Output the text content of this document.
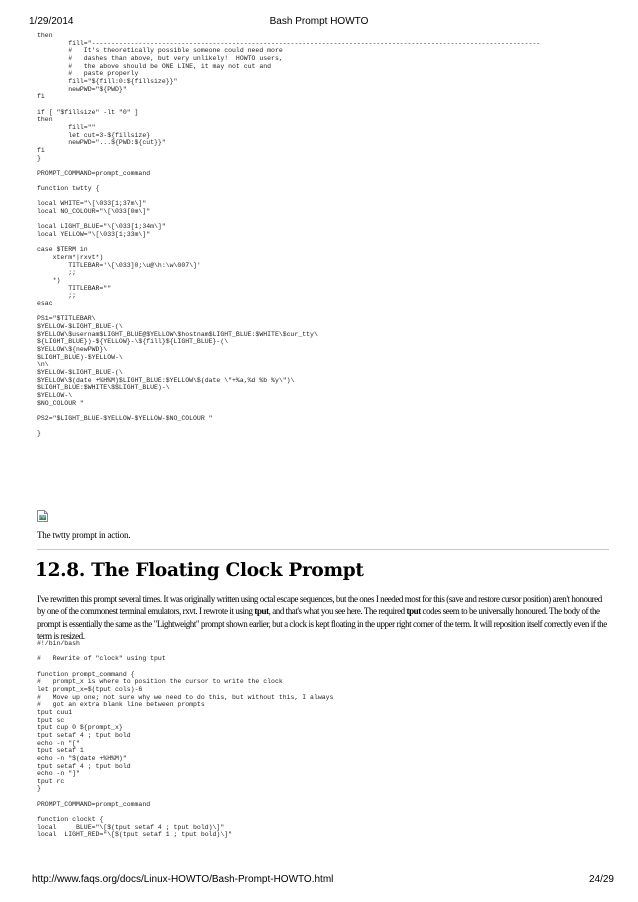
1/29/2014	Bash Prompt HOWTO
then
fill="-------------------------------------------------------------------------------------------------------------------
#   It's theoretically possible someone could need more
#   dashes than above, but very unlikely!  HOWTO users,
#   the above should be ONE LINE, it may not cut and
#   paste properly
fill="${fill:0:${fillsize}}"
newPWD="${PWD}"
fi

if [ "$fillsize" -lt "0" ]
then
fill=""
let cut=3-${fillsize}
newPWD="...${PWD:${cut}}"
fi
}

PROMPT_COMMAND=prompt_command

function twtty {

local WHITE="\[\033[1;37m\]"
local NO_COLOUR="\[\033[0m\]"

local LIGHT_BLUE="\[\033[1;34m\]"
local YELLOW="\[\033[1;33m\]"

case $TERM in
xterm*|rxvt*)
TITLEBAR='\[\033]0;\u@\h:\w\007\]'
;;
*)
TITLEBAR=""
;;
esac

PS1="$TITLEBAR\
$YELLOW-$LIGHT_BLUE-(\
$YELLOW\$usernam$LIGHT_BLUE@$YELLOW\$hostnam$LIGHT_BLUE:$WHITE\$cur_tty\
${LIGHT_BLUE})-${YELLOW}-\${fill}${LIGHT_BLUE}-(\
$YELLOW\${newPWD}\
$LIGHT_BLUE)-$YELLOW-\
\n\
$YELLOW-$LIGHT_BLUE-(\
$YELLOW\$(date +%H%M)$LIGHT_BLUE:$YELLOW\$(date \"+%a,%d %b %y\")\
$LIGHT_BLUE:$WHITE\$$LIGHT_BLUE)-\
$YELLOW-\
$NO_COLOUR "

PS2="$LIGHT_BLUE-$YELLOW-$YELLOW-$NO_COLOUR "

}
The twtty prompt in action.
12.8. The Floating Clock Prompt

I've rewritten this prompt several times. It was originally written using octal escape sequences, but the ones I needed most for this (save and restore cursor position) aren't honoured by one of the commonest terminal emulators, rxvt. I rewrote it using tput, and that's what you see here. The required tput codes seem to be universally honoured. The body of the prompt is essentially the same as the "Lightweight" prompt shown earlier, but a clock is kept floating in the upper right corner of the term. It will reposition itself correctly even if the term is resized.

#!/bin/bash

#   Rewrite of "clock" using tput

function prompt_command {
#   prompt_x is where to position the cursor to write the clock
let prompt_x=$(tput cols)-6
#   Move up one; not sure why we need to do this, but without this, I always
#   got an extra blank line between prompts
tput cuu1
tput sc
tput cup 0 ${prompt_x}
tput setaf 4 ; tput bold
echo -n "["
tput setaf 1
echo -n "$(date +%H%M)"
tput setaf 4 ; tput bold
echo -n "]"
tput rc
}

PROMPT_COMMAND=prompt_command

function clockt {
local     BLUE="\[$(tput setaf 4 ; tput bold)\]"
local  LIGHT_RED="\[$(tput setaf 1 ; tput bold)\]"
http://www.faqs.org/docs/Linux-HOWTO/Bash-Prompt-HOWTO.html	24/29
